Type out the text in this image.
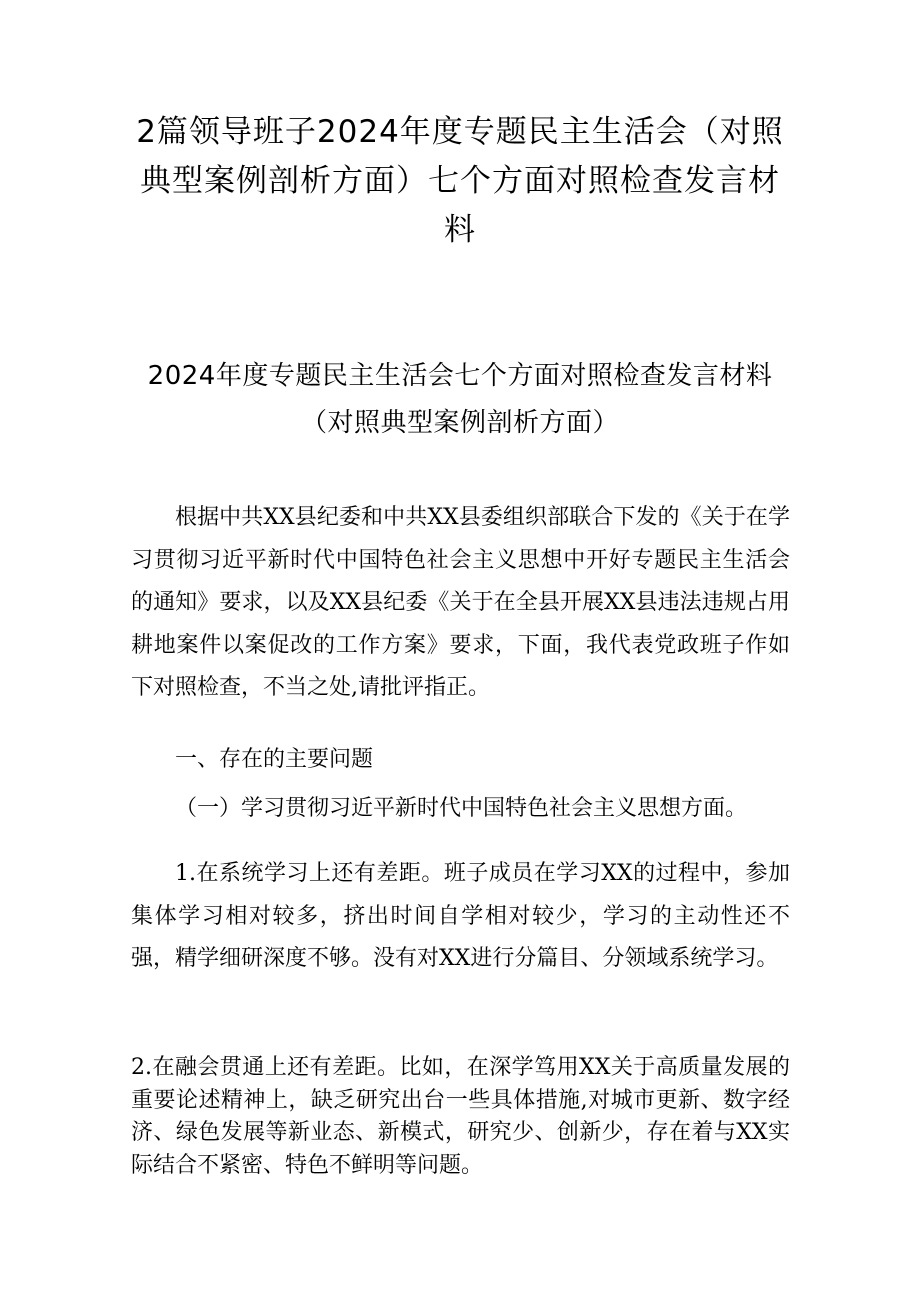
2篇领导班子2024年度专题民主生活会（对照典型案例剖析方面）七个方面对照检查发言材料
2024年度专题民主生活会七个方面对照检查发言材料（对照典型案例剖析方面）

根据中共XX县纪委和中共XX县委组织部联合下发的《关于在学习贯彻习近平新时代中国特色社会主义思想中开好专题民主生活会的通知》要求，以及XX县纪委《关于在全县开展XX县违法违规占用耕地案件以案促改的工作方案》要求，下面，我代表党政班子作如下对照检查，不当之处,请批评指正。

一、存在的主要问题

（一）学习贯彻习近平新时代中国特色社会主义思想方面。

1.在系统学习上还有差距。班子成员在学习XX的过程中，参加集体学习相对较多，挤出时间自学相对较少，学习的主动性还不强，精学细研深度不够。没有对XX进行分篇目、分领域系统学习。

2.在融会贯通上还有差距。比如，在深学笃用XX关于高质量发展的重要论述精神上，缺乏研究出台一些具体措施,对城市更新、数字经济、绿色发展等新业态、新模式，研究少、创新少，存在着与XX实际结合不紧密、特色不鲜明等问题。
